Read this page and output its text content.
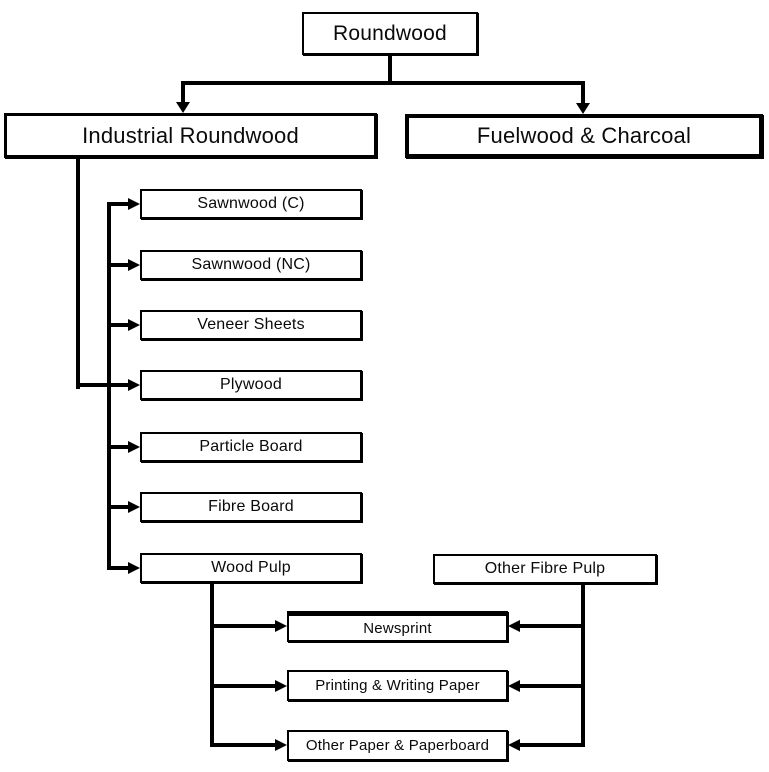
Roundwood
Industrial Roundwood	Fuelwood & Charcoal
Sawnwood (C)
Sawnwood (NC)
Veneer Sheets
Plywood
Particle Board
Fibre Board
Wood Pulp	Other Fibre Pulp
Newsprint
Printing & Writing Paper
Other Paper & Paperboard
